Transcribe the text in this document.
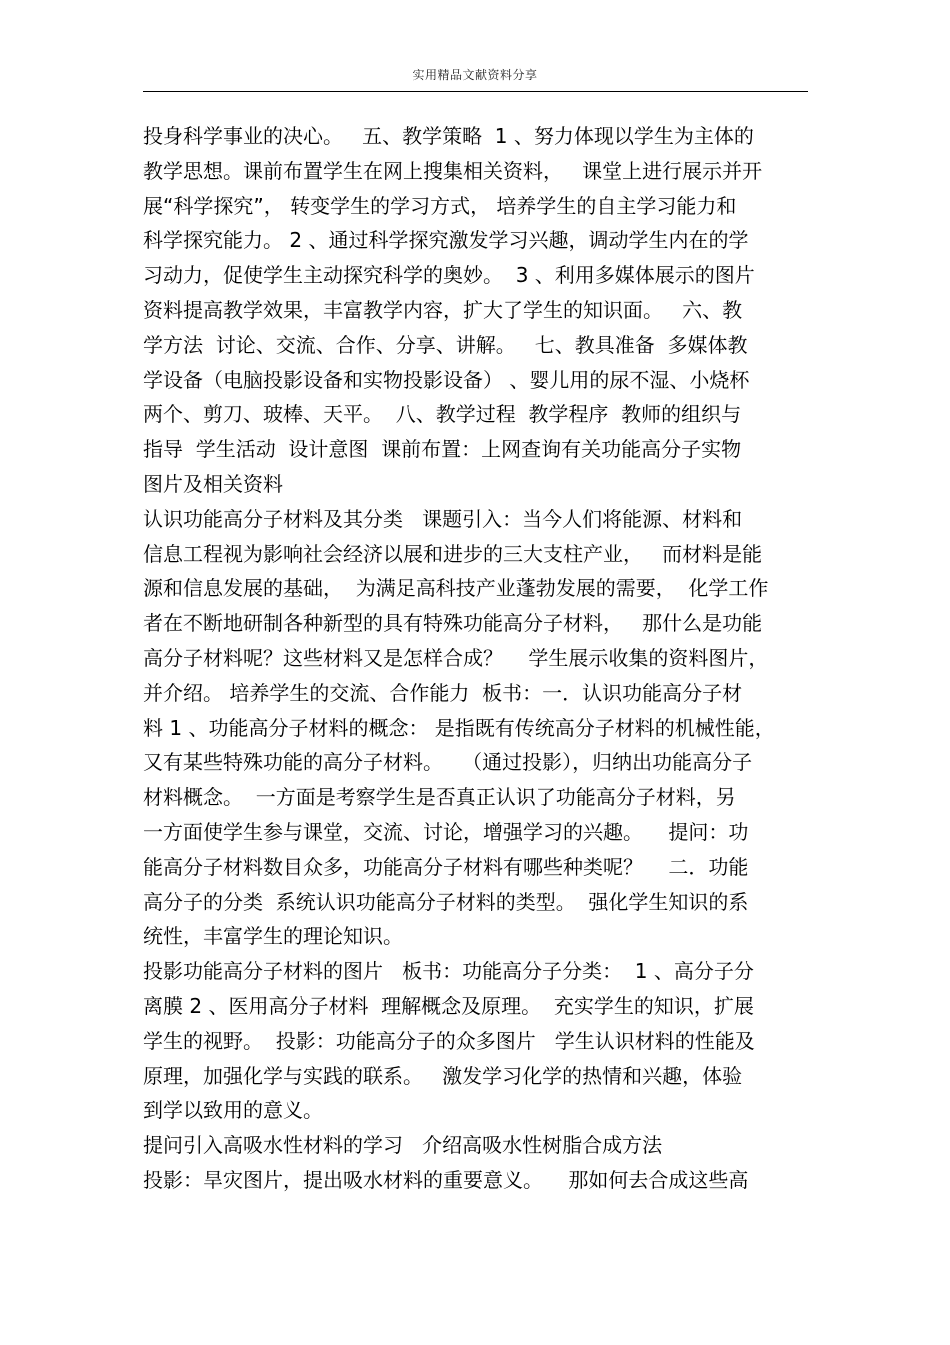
实用精品文献资料分享
投身科学事业的决心。   五、教学策略  1 、努力体现以学生为主体的
教学思想。课前布置学生在网上搜集相关资料，   课堂上进行展示并开
展“科学探究”， 转变学生的学习方式， 培养学生的自主学习能力和
科学探究能力。 2 、通过科学探究激发学习兴趣，调动学生内在的学
习动力，促使学生主动探究科学的奥妙。  3 、利用多媒体展示的图片
资料提高教学效果，丰富教学内容，扩大了学生的知识面。   六、教
学方法  讨论、交流、合作、分享、讲解。   七、教具准备  多媒体教
学设备（电脑投影设备和实物投影设备） 、婴儿用的尿不湿、小烧杯
两个、剪刀、玻棒、天平。  八、教学过程  教学程序  教师的组织与
指导  学生活动  设计意图  课前布置：上网查询有关功能高分子实物
图片及相关资料
认识功能高分子材料及其分类   课题引入：当今人们将能源、材料和
信息工程视为影响社会经济以展和进步的三大支柱产业，   而材料是能
源和信息发展的基础，  为满足高科技产业蓬勃发展的需要，  化学工作
者在不断地研制各种新型的具有特殊功能高分子材料，   那什么是功能
高分子材料呢？这些材料又是怎样合成？    学生展示收集的资料图片，
并介绍。 培养学生的交流、合作能力  板书：一．认识功能高分子材
料 1 、功能高分子材料的概念： 是指既有传统高分子材料的机械性能，
又有某些特殊功能的高分子材料。   （通过投影），归纳出功能高分子
材料概念。  一方面是考察学生是否真正认识了功能高分子材料，另
一方面使学生参与课堂，交流、讨论，增强学习的兴趣。    提问：功
能高分子材料数目众多，功能高分子材料有哪些种类呢？    二．功能
高分子的分类  系统认识功能高分子材料的类型。  强化学生知识的系
统性，丰富学生的理论知识。
投影功能高分子材料的图片   板书：功能高分子分类：  1 、高分子分
离膜 2 、医用高分子材料  理解概念及原理。  充实学生的知识，扩展
学生的视野。  投影：功能高分子的众多图片   学生认识材料的性能及
原理，加强化学与实践的联系。   激发学习化学的热情和兴趣，体验
到学以致用的意义。
提问引入高吸水性材料的学习   介绍高吸水性树脂合成方法
投影：旱灾图片，提出吸水材料的重要意义。    那如何去合成这些高
